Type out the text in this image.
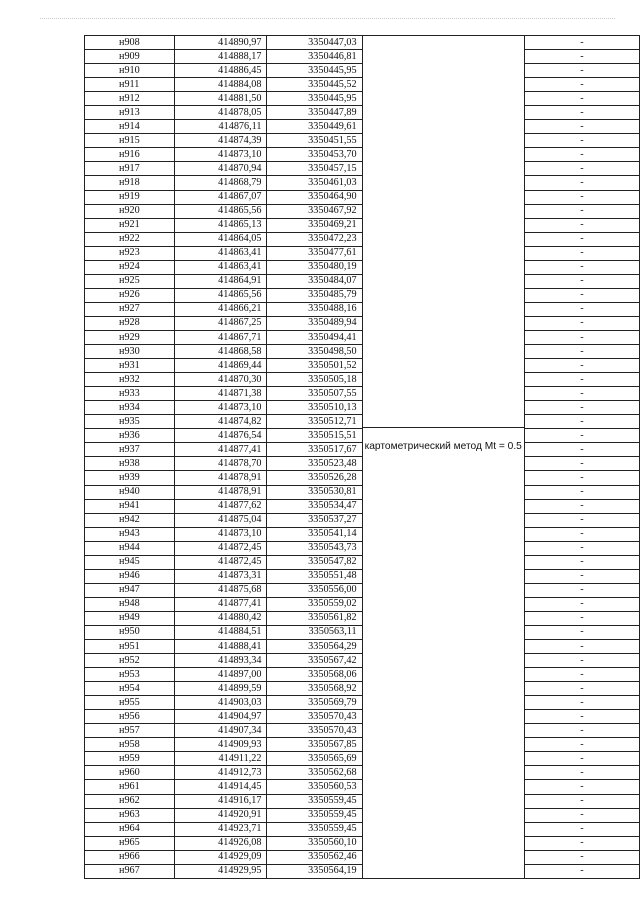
н908	414890,97	3350447,03	картометрический метод Mt = 0.5	-
н909	414888,17	3350446,81		-
н910	414886,45	3350445,95		-
н911	414884,08	3350445,52		-
н912	414881,50	3350445,95		-
н913	414878,05	3350447,89		-
н914	414876,11	3350449,61		-
н915	414874,39	3350451,55		-
н916	414873,10	3350453,70		-
н917	414870,94	3350457,15		-
н918	414868,79	3350461,03		-
н919	414867,07	3350464,90		-
н920	414865,56	3350467,92		-
н921	414865,13	3350469,21		-
н922	414864,05	3350472,23		-
н923	414863,41	3350477,61		-
н924	414863,41	3350480,19		-
н925	414864,91	3350484,07		-
н926	414865,56	3350485,79		-
н927	414866,21	3350488,16		-
н928	414867,25	3350489,94		-
н929	414867,71	3350494,41		-
н930	414868,58	3350498,50		-
н931	414869,44	3350501,52		-
н932	414870,30	3350505,18		-
н933	414871,38	3350507,55		-
н934	414873,10	3350510,13		-
н935	414874,82	3350512,71		-
н936	414876,54	3350515,51		-
н937	414877,41	3350517,67		-
н938	414878,70	3350523,48		-
н939	414878,91	3350526,28		-
н940	414878,91	3350530,81		-
н941	414877,62	3350534,47		-
н942	414875,04	3350537,27		-
н943	414873,10	3350541,14		-
н944	414872,45	3350543,73		-
н945	414872,45	3350547,82		-
н946	414873,31	3350551,48		-
н947	414875,68	3350556,00		-
н948	414877,41	3350559,02		-
н949	414880,42	3350561,82		-
н950	414884,51	3350563,11		-
н951	414888,41	3350564,29		-
н952	414893,34	3350567,42		-
н953	414897,00	3350568,06		-
н954	414899,59	3350568,92		-
н955	414903,03	3350569,79		-
н956	414904,97	3350570,43		-
н957	414907,34	3350570,43		-
н958	414909,93	3350567,85		-
н959	414911,22	3350565,69		-
н960	414912,73	3350562,68		-
н961	414914,45	3350560,53		-
н962	414916,17	3350559,45		-
н963	414920,91	3350559,45		-
н964	414923,71	3350559,45		-
н965	414926,08	3350560,10		-
н966	414929,09	3350562,46		-
н967	414929,95	3350564,19		-
